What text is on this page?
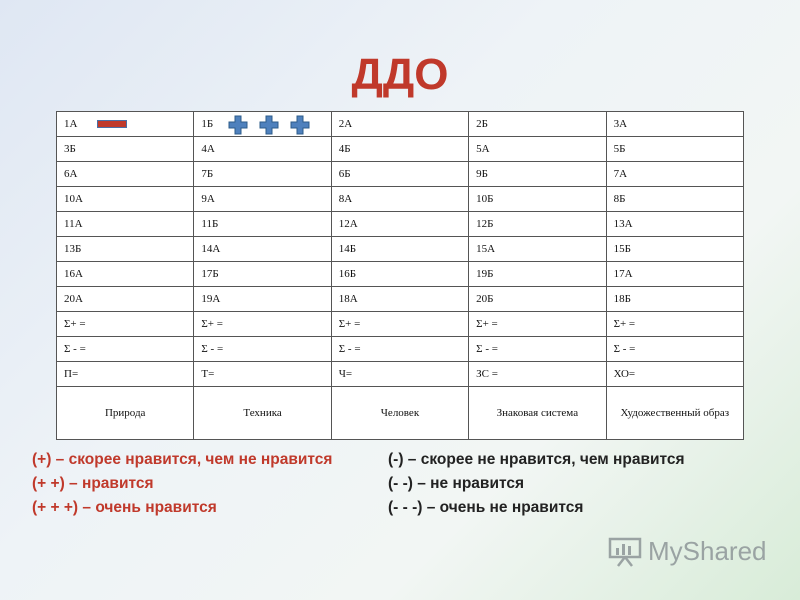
ДДО
1А	1Б	2А	2Б	3А
3Б	4А	4Б	5А	5Б
6А	7Б	6Б	9Б	7А
10А	9А	8А	10Б	8Б
11А	11Б	12А	12Б	13А
13Б	14А	14Б	15А	15Б
16А	17Б	16Б	19Б	17А
20А	19А	18А	20Б	18Б
Σ+ =	Σ+ =	Σ+ =	Σ+ =	Σ+ =
Σ - =	Σ - =	Σ - =	Σ - =	Σ - =
П=	Т=	Ч=	ЗС =	ХО=
Природа	Техника	Человек	Знаковая система	Художественный образ
(+) – скорее нравится, чем не нравится
(+ +) – нравится
(+ + +) – очень нравится
(-) – скорее не нравится, чем нравится
(- -) – не нравится
(- - -) – очень не нравится
MyShared
